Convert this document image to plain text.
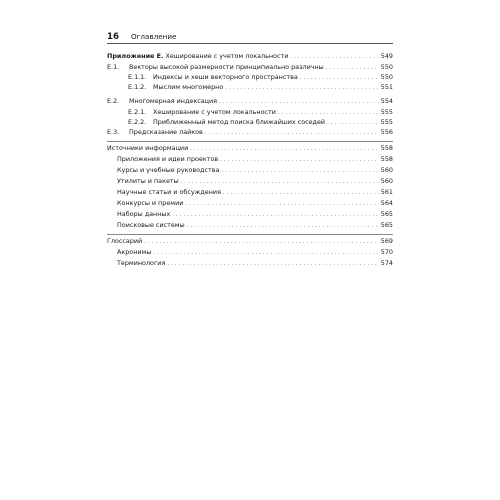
16 Оглавление
Приложение Е. Хеширование с учетом локальности . . .	549
E.1.	Векторы высокой размерности принципиально различны . . .	550
E.1.1.	Индексы и хеши векторного пространства . . .	550
E.1.2.	Мыслим многомерно . . .	551
E.2.	Многомерная индексация . . .	554
E.2.1.	Хеширование с учетом локальности . . .	555
E.2.2.	Приближенный метод поиска ближайших соседей . . .	555
E.3.	Предсказание лайков . . .	556
Источники информации . . .	558
Приложения и идеи проектов . . .	558
Курсы и учебные руководства . . .	560
Утилиты и пакеты . . .	560
Научные статьи и обсуждения . . .	561
Конкурсы и премии . . .	564
Наборы данных . . .	565
Поисковые системы . . .	565
Глоссарий . . .	569
Акронимы . . .	570
Терминология . . .	574
